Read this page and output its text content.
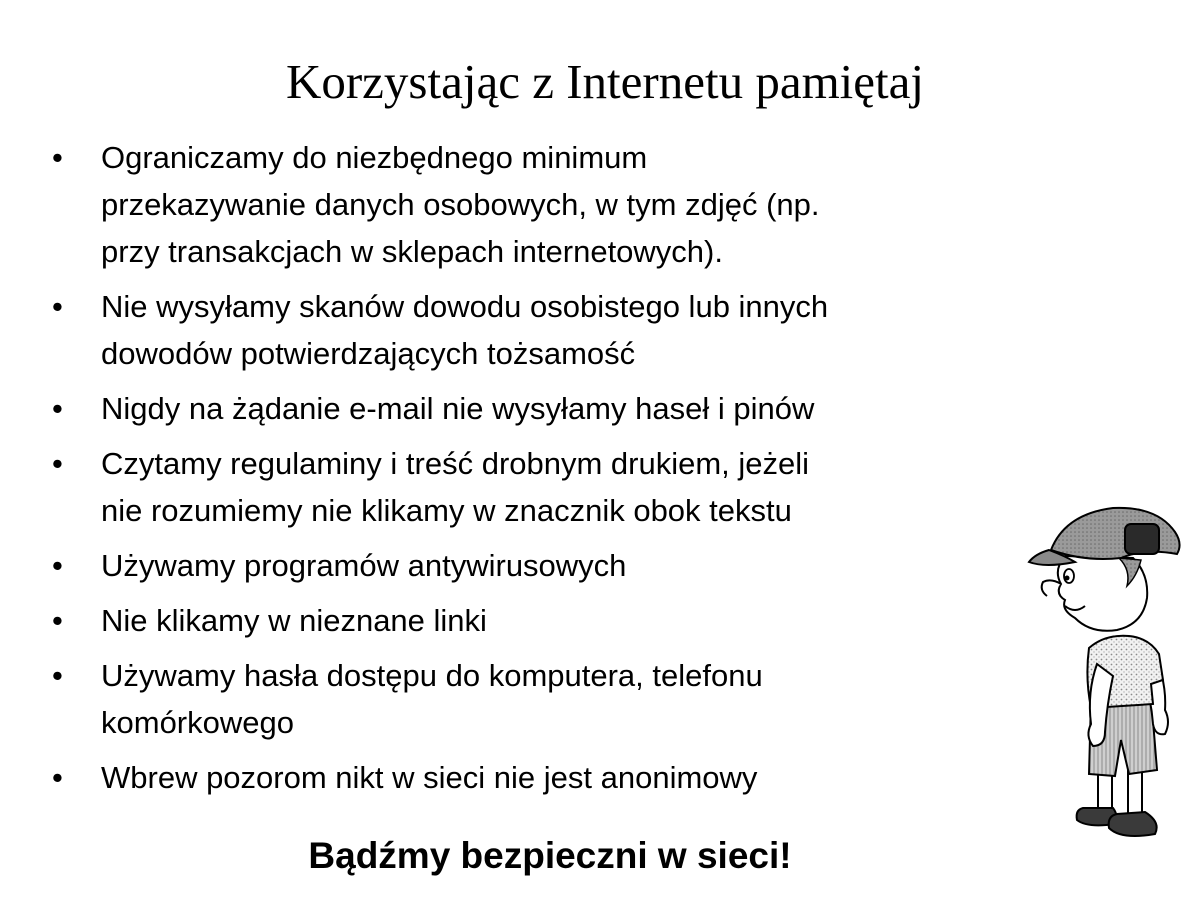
Korzystając z Internetu pamiętaj
• Ograniczamy do niezbędnego minimum
przekazywanie danych osobowych, w tym zdjęć (np.
przy transakcjach w sklepach internetowych).
• Nie wysyłamy skanów dowodu osobistego lub innych
dowodów potwierdzających tożsamość
• Nigdy na żądanie e-mail nie wysyłamy haseł i pinów
• Czytamy regulaminy i treść drobnym drukiem, jeżeli
nie rozumiemy nie klikamy w znacznik obok tekstu
• Używamy programów antywirusowych
• Nie klikamy w nieznane linki
• Używamy hasła dostępu do komputera, telefonu
komórkowego
• Wbrew pozorom nikt w sieci nie jest anonimowy
Bądźmy bezpieczni w sieci!
